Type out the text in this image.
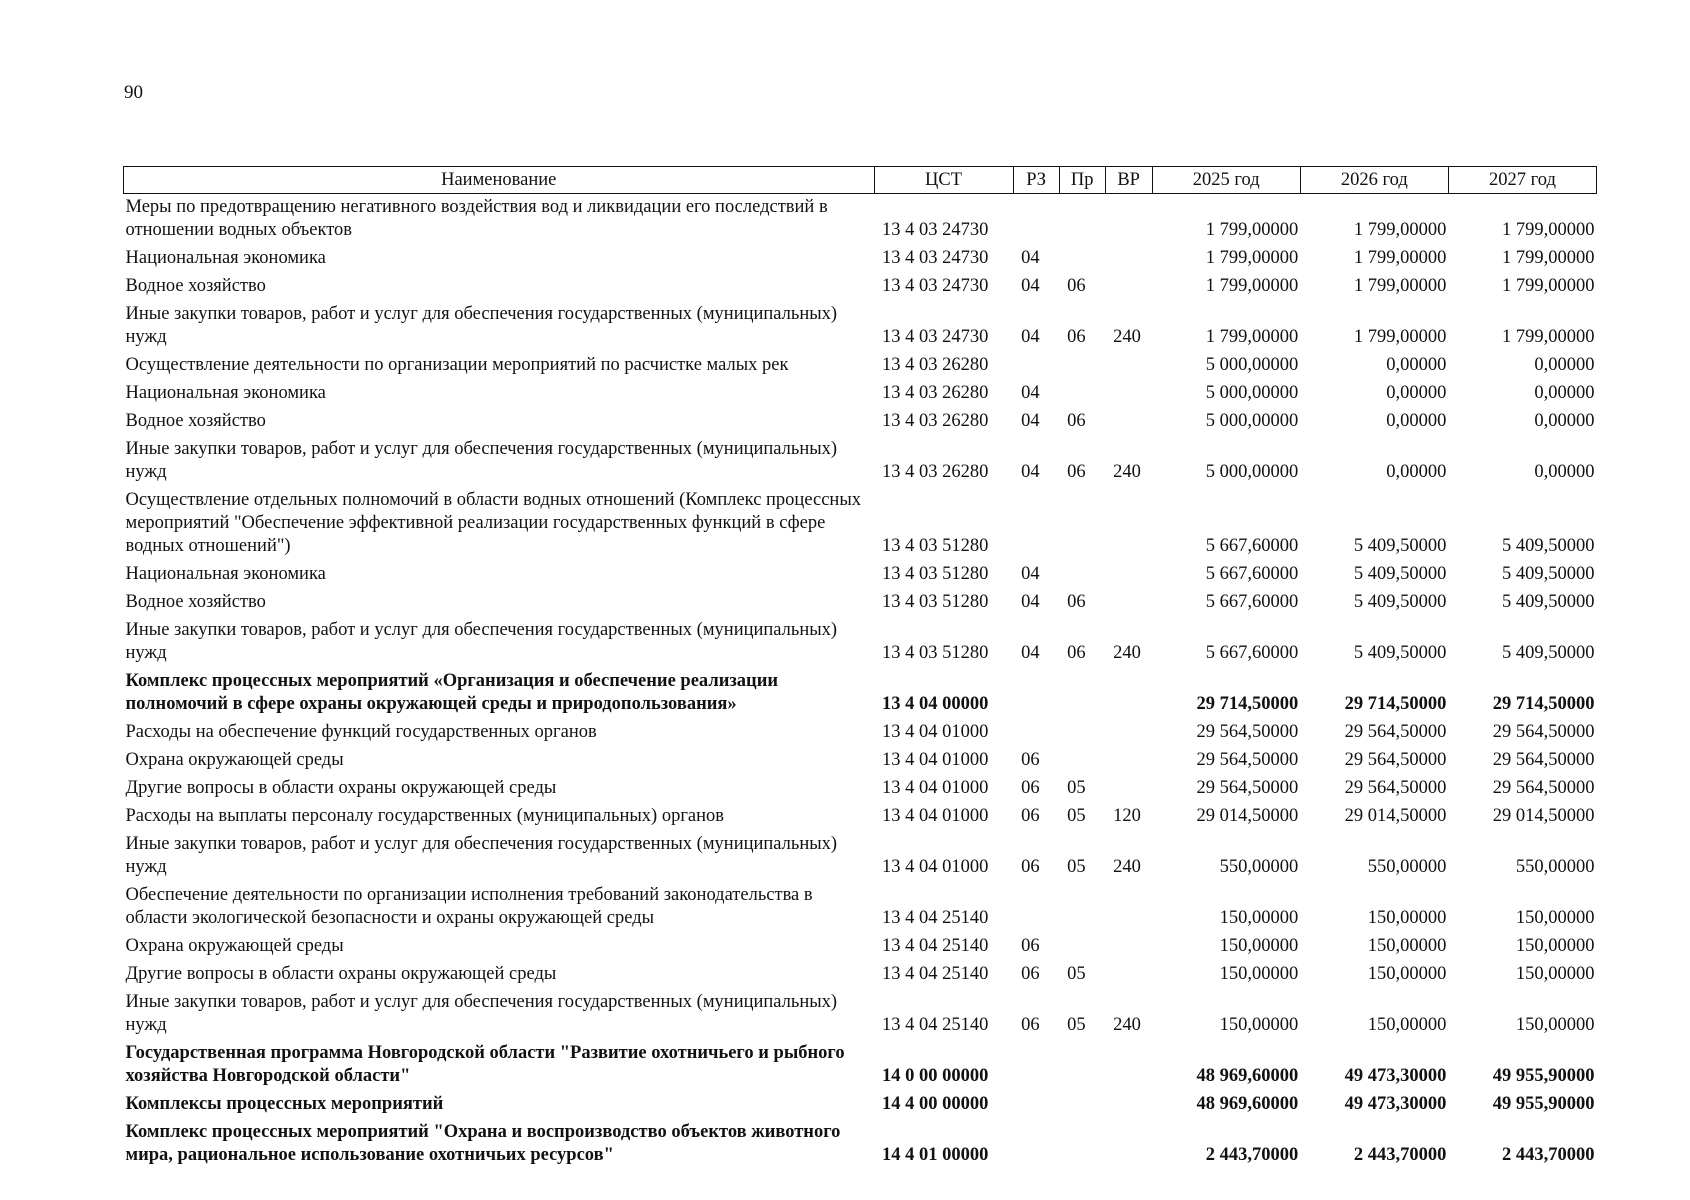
90
Наименование	ЦСТ	РЗ	Пр	ВР	2025 год	2026 год	2027 год
Меры по предотвращению негативного воздействия вод и ликвидации его последствий в отношении водных объектов	13 4 03 24730				1 799,00000	1 799,00000	1 799,00000
Национальная экономика	13 4 03 24730	04			1 799,00000	1 799,00000	1 799,00000
Водное хозяйство	13 4 03 24730	04	06		1 799,00000	1 799,00000	1 799,00000
Иные закупки товаров, работ и услуг для обеспечения государственных (муниципальных) нужд	13 4 03 24730	04	06	240	1 799,00000	1 799,00000	1 799,00000
Осуществление деятельности по организации мероприятий по расчистке малых рек	13 4 03 26280				5 000,00000	0,00000	0,00000
Национальная экономика	13 4 03 26280	04			5 000,00000	0,00000	0,00000
Водное хозяйство	13 4 03 26280	04	06		5 000,00000	0,00000	0,00000
Иные закупки товаров, работ и услуг для обеспечения государственных (муниципальных) нужд	13 4 03 26280	04	06	240	5 000,00000	0,00000	0,00000
Осуществление отдельных полномочий в области водных отношений (Комплекс процессных мероприятий "Обеспечение эффективной реализации государственных функций в сфере водных отношений")	13 4 03 51280				5 667,60000	5 409,50000	5 409,50000
Национальная экономика	13 4 03 51280	04			5 667,60000	5 409,50000	5 409,50000
Водное хозяйство	13 4 03 51280	04	06		5 667,60000	5 409,50000	5 409,50000
Иные закупки товаров, работ и услуг для обеспечения государственных (муниципальных) нужд	13 4 03 51280	04	06	240	5 667,60000	5 409,50000	5 409,50000
Комплекс процессных мероприятий «Организация и обеспечение реализации полномочий в сфере охраны окружающей среды и природопользования»	13 4 04 00000				29 714,50000	29 714,50000	29 714,50000
Расходы на обеспечение функций государственных органов	13 4 04 01000				29 564,50000	29 564,50000	29 564,50000
Охрана окружающей среды	13 4 04 01000	06			29 564,50000	29 564,50000	29 564,50000
Другие вопросы в области охраны окружающей среды	13 4 04 01000	06	05		29 564,50000	29 564,50000	29 564,50000
Расходы на выплаты персоналу государственных (муниципальных) органов	13 4 04 01000	06	05	120	29 014,50000	29 014,50000	29 014,50000
Иные закупки товаров, работ и услуг для обеспечения государственных (муниципальных) нужд	13 4 04 01000	06	05	240	550,00000	550,00000	550,00000
Обеспечение деятельности по организации исполнения требований законодательства в области экологической безопасности и охраны окружающей среды	13 4 04 25140				150,00000	150,00000	150,00000
Охрана окружающей среды	13 4 04 25140	06			150,00000	150,00000	150,00000
Другие вопросы в области охраны окружающей среды	13 4 04 25140	06	05		150,00000	150,00000	150,00000
Иные закупки товаров, работ и услуг для обеспечения государственных (муниципальных) нужд	13 4 04 25140	06	05	240	150,00000	150,00000	150,00000
Государственная программа Новгородской области "Развитие охотничьего и рыбного хозяйства Новгородской области"	14 0 00 00000				48 969,60000	49 473,30000	49 955,90000
Комплексы процессных мероприятий	14 4 00 00000				48 969,60000	49 473,30000	49 955,90000
Комплекс процессных мероприятий "Охрана и воспроизводство объектов животного мира, рациональное использование охотничьих ресурсов"	14 4 01 00000				2 443,70000	2 443,70000	2 443,70000
